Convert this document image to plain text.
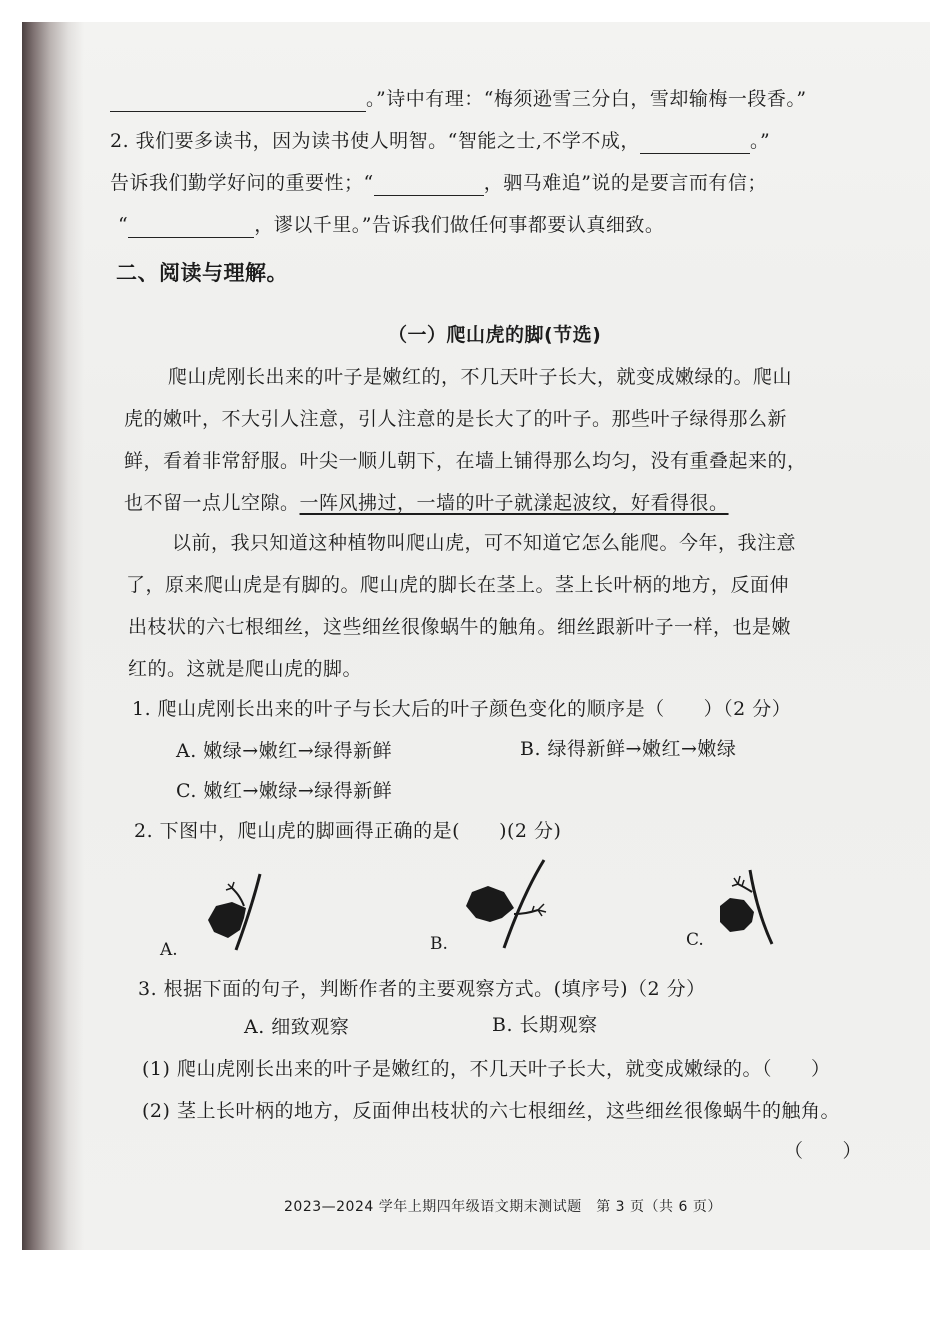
。”诗中有理：“梅须逊雪三分白，雪却输梅一段香。”
2. 我们要多读书，因为读书使人明智。“智能之士,不学不成，	。”
告诉我们勤学好问的重要性；“	，驷马难追”说的是要言而有信；
“	，谬以千里。”告诉我们做任何事都要认真细致。
二、阅读与理解。
（一）爬山虎的脚(节选)
爬山虎刚长出来的叶子是嫩红的，不几天叶子长大，就变成嫩绿的。爬山
虎的嫩叶，不大引人注意，引人注意的是长大了的叶子。那些叶子绿得那么新
鲜，看着非常舒服。叶尖一顺儿朝下，在墙上铺得那么均匀，没有重叠起来的，
也不留一点儿空隙。一阵风拂过，一墙的叶子就漾起波纹，好看得很。
以前，我只知道这种植物叫爬山虎，可不知道它怎么能爬。今年，我注意
了，原来爬山虎是有脚的。爬山虎的脚长在茎上。茎上长叶柄的地方，反面伸
出枝状的六七根细丝，这些细丝很像蜗牛的触角。细丝跟新叶子一样，也是嫩
红的。这就是爬山虎的脚。
1. 爬山虎刚长出来的叶子与长大后的叶子颜色变化的顺序是（　　）（2 分）
A. 嫩绿→嫩红→绿得新鲜	B. 绿得新鲜→嫩红→嫩绿
C. 嫩红→嫩绿→绿得新鲜
2. 下图中，爬山虎的脚画得正确的是(　　)(2 分)
A.	B.	C.
3. 根据下面的句子，判断作者的主要观察方式。(填序号)（2 分）
A. 细致观察	B. 长期观察
(1) 爬山虎刚长出来的叶子是嫩红的，不几天叶子长大，就变成嫩绿的。（　　）
(2) 茎上长叶柄的地方，反面伸出枝状的六七根细丝，这些细丝很像蜗牛的触角。
（　　）
2023—2024 学年上期四年级语文期末测试题　第 3 页（共 6 页）
